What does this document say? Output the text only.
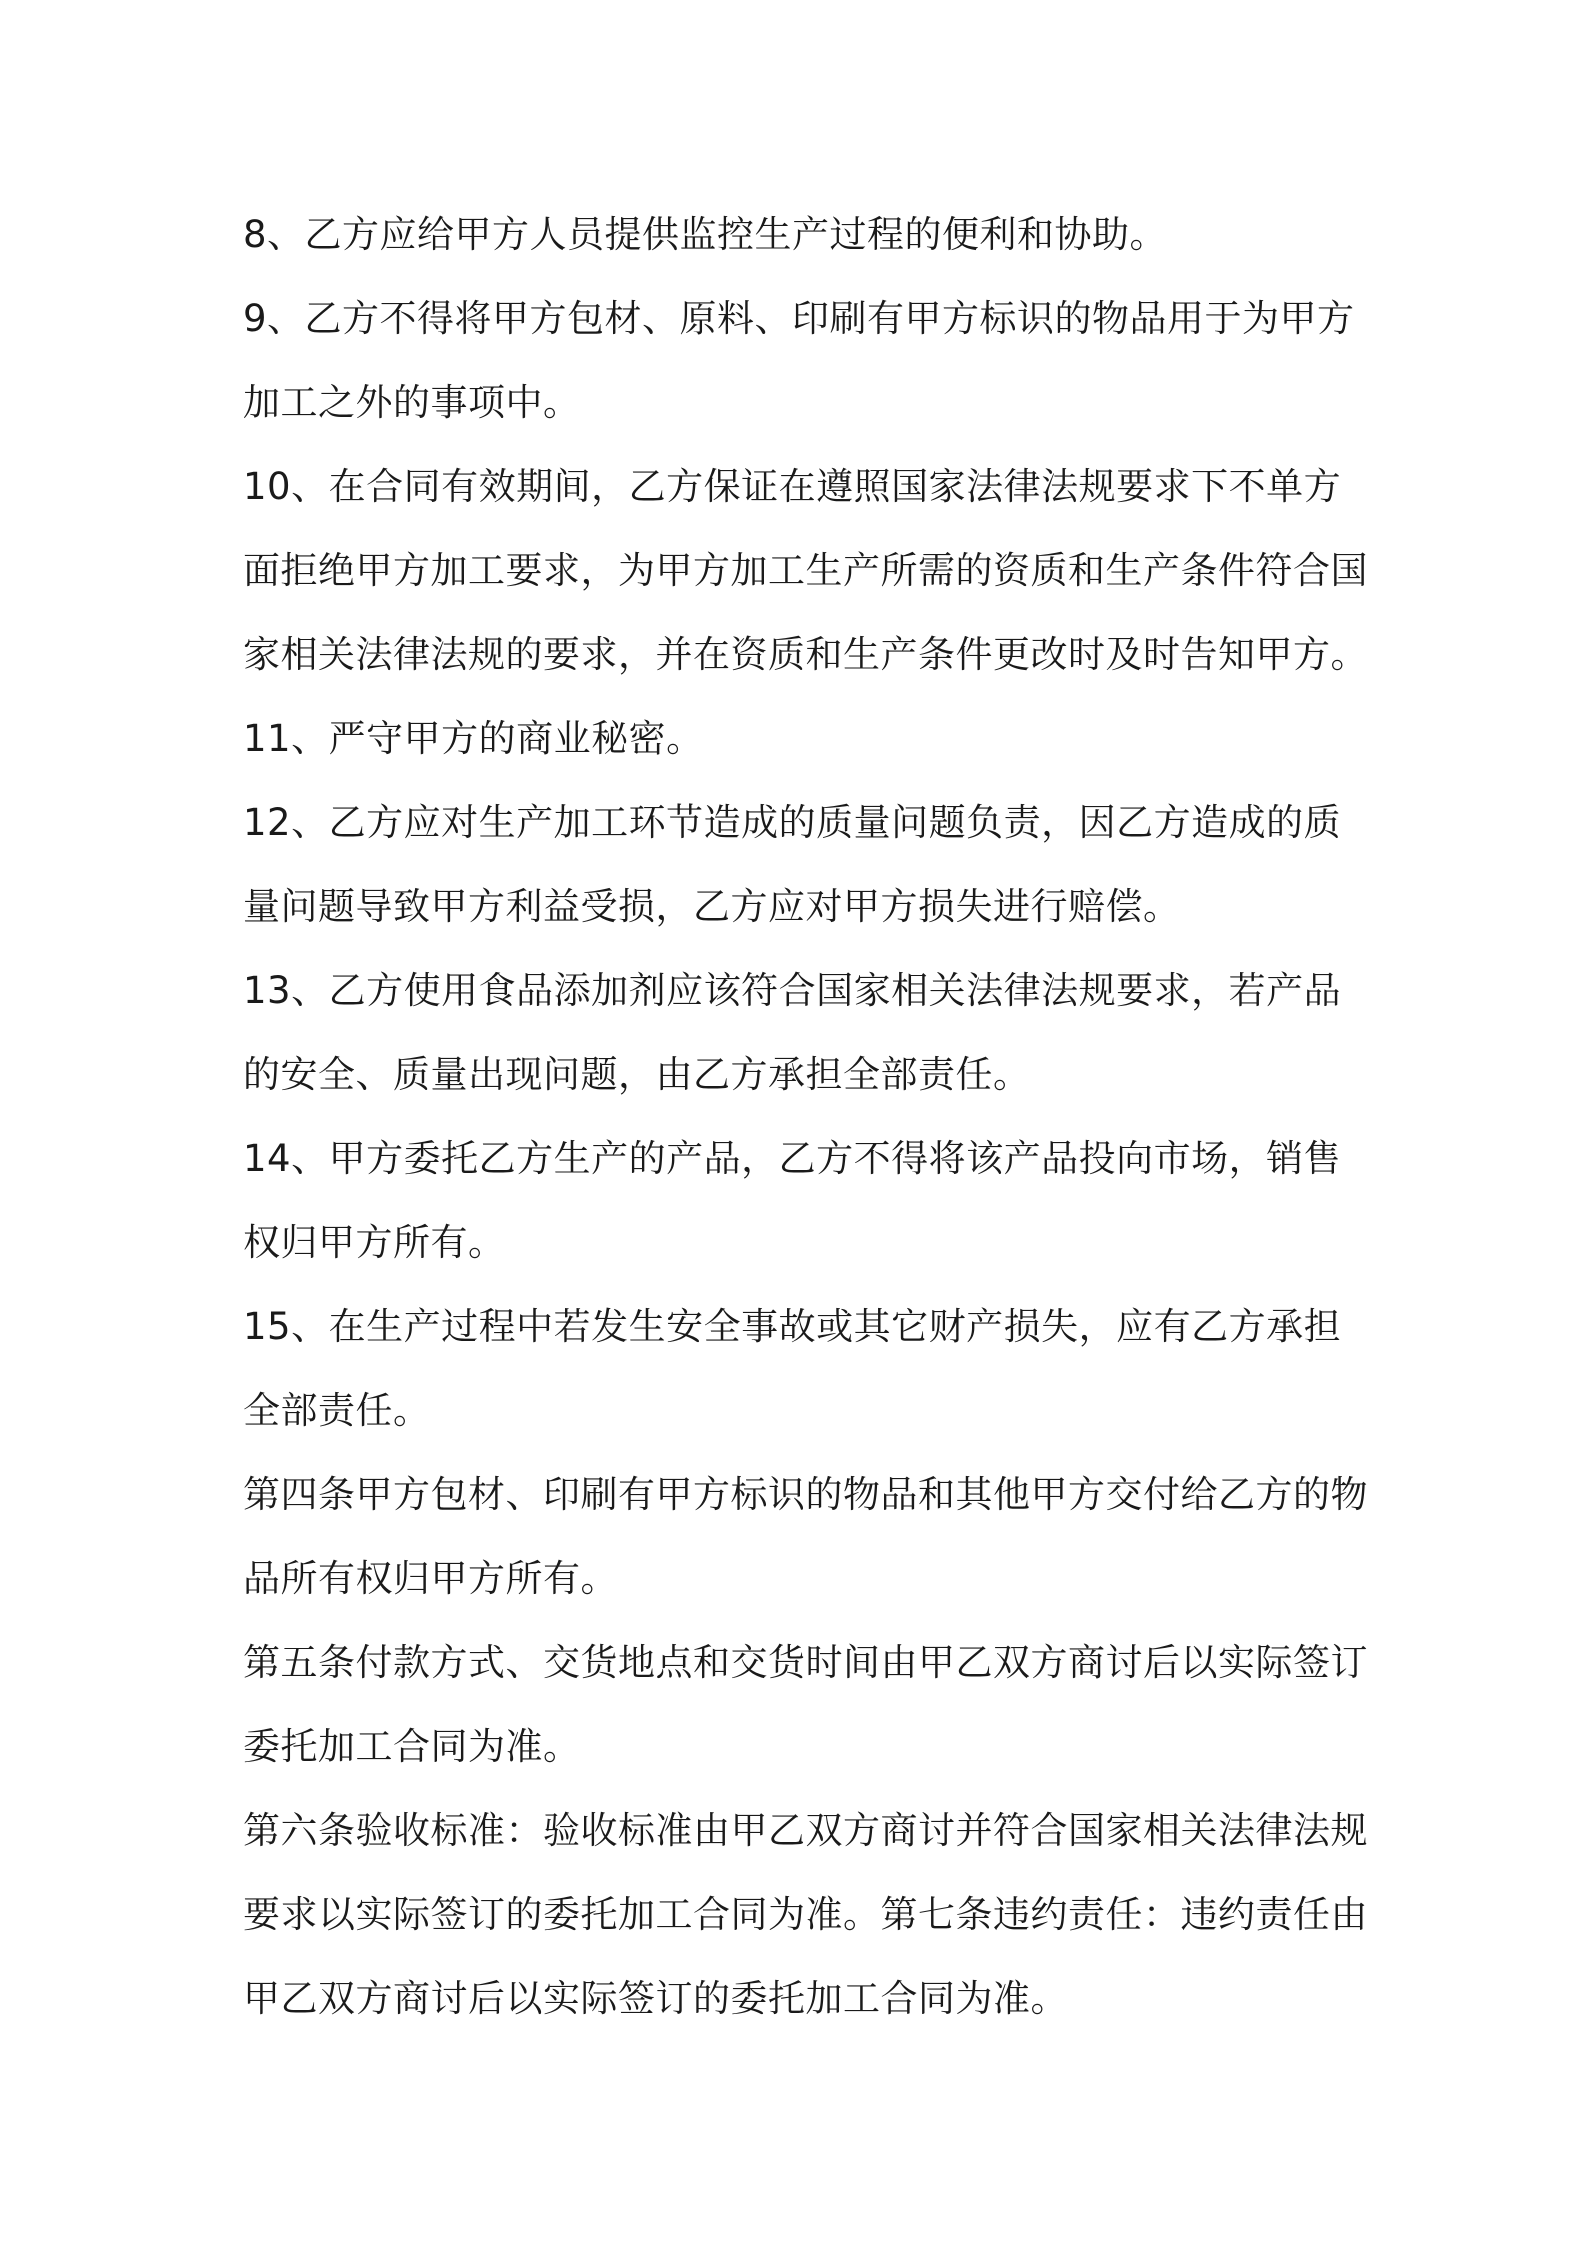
8、乙方应给甲方人员提供监控生产过程的便利和协助。
9、乙方不得将甲方包材、原料、印刷有甲方标识的物品用于为甲方
加工之外的事项中。
10、在合同有效期间，乙方保证在遵照国家法律法规要求下不单方
面拒绝甲方加工要求，为甲方加工生产所需的资质和生产条件符合国
家相关法律法规的要求，并在资质和生产条件更改时及时告知甲方。
11、严守甲方的商业秘密。
12、乙方应对生产加工环节造成的质量问题负责，因乙方造成的质
量问题导致甲方利益受损，乙方应对甲方损失进行赔偿。
13、乙方使用食品添加剂应该符合国家相关法律法规要求，若产品
的安全、质量出现问题，由乙方承担全部责任。
14、甲方委托乙方生产的产品，乙方不得将该产品投向市场，销售
权归甲方所有。
15、在生产过程中若发生安全事故或其它财产损失，应有乙方承担
全部责任。
第四条甲方包材、印刷有甲方标识的物品和其他甲方交付给乙方的物
品所有权归甲方所有。
第五条付款方式、交货地点和交货时间由甲乙双方商讨后以实际签订
委托加工合同为准。
第六条验收标准：验收标准由甲乙双方商讨并符合国家相关法律法规
要求以实际签订的委托加工合同为准。第七条违约责任：违约责任由
甲乙双方商讨后以实际签订的委托加工合同为准。
